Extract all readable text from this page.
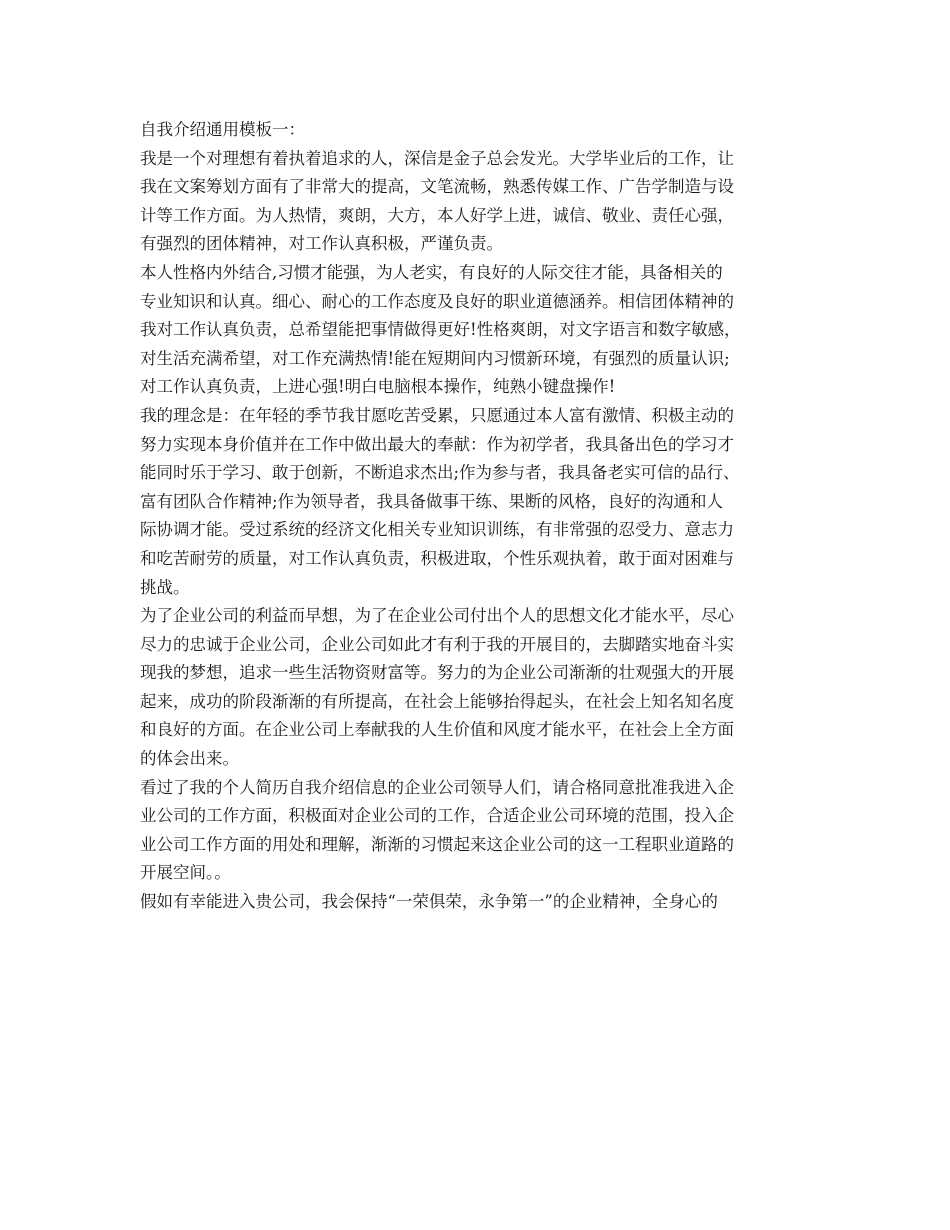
自我介绍通用模板一：
我是一个对理想有着执着追求的人，深信是金子总会发光。大学毕业后的工作，让
我在文案筹划方面有了非常大的提高，文笔流畅，熟悉传媒工作、广告学制造与设
计等工作方面。为人热情，爽朗，大方，本人好学上进，诚信、敬业、责任心强，
有强烈的团体精神，对工作认真积极，严谨负责。
本人性格内外结合,习惯才能强，为人老实，有良好的人际交往才能，具备相关的
专业知识和认真。细心、耐心的工作态度及良好的职业道德涵养。相信团体精神的
我对工作认真负责，总希望能把事情做得更好!性格爽朗，对文字语言和数字敏感，
对生活充满希望，对工作充满热情!能在短期间内习惯新环境，有强烈的质量认识;
对工作认真负责，上进心强!明白电脑根本操作，纯熟小键盘操作!
我的理念是：在年轻的季节我甘愿吃苦受累，只愿通过本人富有激情、积极主动的
努力实现本身价值并在工作中做出最大的奉献：作为初学者，我具备出色的学习才
能同时乐于学习、敢于创新，不断追求杰出;作为参与者，我具备老实可信的品行、
富有团队合作精神;作为领导者，我具备做事干练、果断的风格，良好的沟通和人
际协调才能。受过系统的经济文化相关专业知识训练，有非常强的忍受力、意志力
和吃苦耐劳的质量，对工作认真负责，积极进取，个性乐观执着，敢于面对困难与
挑战。
为了企业公司的利益而早想，为了在企业公司付出个人的思想文化才能水平，尽心
尽力的忠诚于企业公司，企业公司如此才有利于我的开展目的，去脚踏实地奋斗实
现我的梦想，追求一些生活物资财富等。努力的为企业公司渐渐的壮观强大的开展
起来，成功的阶段渐渐的有所提高，在社会上能够抬得起头，在社会上知名知名度
和良好的方面。在企业公司上奉献我的人生价值和风度才能水平，在社会上全方面
的体会出来。
看过了我的个人简历自我介绍信息的企业公司领导人们，请合格同意批准我进入企
业公司的工作方面，积极面对企业公司的工作，合适企业公司环境的范围，投入企
业公司工作方面的用处和理解，渐渐的习惯起来这企业公司的这一工程职业道路的
开展空间。。
假如有幸能进入贵公司，我会保持“一荣俱荣，永争第一”的企业精神，全身心的
